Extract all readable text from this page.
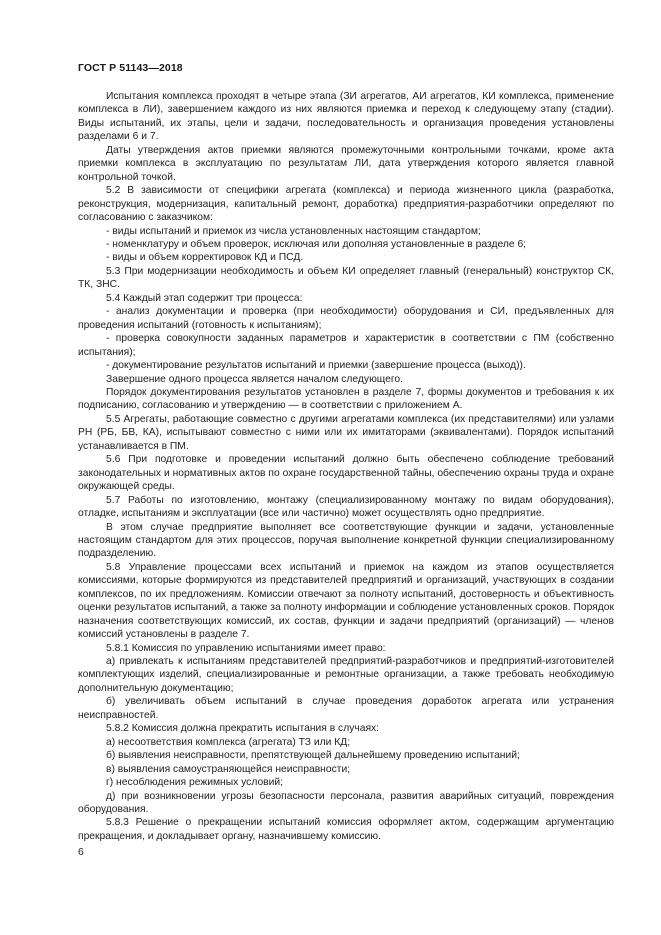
ГОСТ Р 51143—2018

Испытания комплекса проходят в четыре этапа (ЗИ агрегатов, АИ агрегатов, КИ комплекса, применение комплекса в ЛИ), завершением каждого из них являются приемка и переход к следующему этапу (стадии). Виды испытаний, их этапы, цели и задачи, последовательность и организация проведения установлены разделами 6 и 7.

Даты утверждения актов приемки являются промежуточными контрольными точками, кроме акта приемки комплекса в эксплуатацию по результатам ЛИ, дата утверждения которого является главной контрольной точкой.

5.2 В зависимости от специфики агрегата (комплекса) и периода жизненного цикла (разработка, реконструкция, модернизация, капитальный ремонт, доработка) предприятия-разработчики определяют по согласованию с заказчиком:

- виды испытаний и приемок из числа установленных настоящим стандартом;

- номенклатуру и объем проверок, исключая или дополняя установленные в разделе 6;

- виды и объем корректировок КД и ПСД.

5.3 При модернизации необходимость и объем КИ определяет главный (генеральный) конструктор СК, ТК, ЗНС.

5.4 Каждый этап содержит три процесса:

- анализ документации и проверка (при необходимости) оборудования и СИ, предъявленных для проведения испытаний (готовность к испытаниям);

- проверка совокупности заданных параметров и характеристик в соответствии с ПМ (собственно испытания);

- документирование результатов испытаний и приемки (завершение процесса (выход)).

Завершение одного процесса является началом следующего.

Порядок документирования результатов установлен в разделе 7, формы документов и требования к их подписанию, согласованию и утверждению — в соответствии с приложением А.

5.5 Агрегаты, работающие совместно с другими агрегатами комплекса (их представителями) или узлами РН (РБ, БВ, КА), испытывают совместно с ними или их имитаторами (эквивалентами). Порядок испытаний устанавливается в ПМ.

5.6 При подготовке и проведении испытаний должно быть обеспечено соблюдение требований законодательных и нормативных актов по охране государственной тайны, обеспечению охраны труда и охране окружающей среды.

5.7 Работы по изготовлению, монтажу (специализированному монтажу по видам оборудования), отладке, испытаниям и эксплуатации (все или частично) может осуществлять одно предприятие.

В этом случае предприятие выполняет все соответствующие функции и задачи, установленные настоящим стандартом для этих процессов, поручая выполнение конкретной функции специализированному подразделению.

5.8 Управление процессами всех испытаний и приемок на каждом из этапов осуществляется комиссиями, которые формируются из представителей предприятий и организаций, участвующих в создании комплексов, по их предложениям. Комиссии отвечают за полноту испытаний, достоверность и объективность оценки результатов испытаний, а также за полноту информации и соблюдение установленных сроков. Порядок назначения соответствующих комиссий, их состав, функции и задачи предприятий (организаций) — членов комиссий установлены в разделе 7.

5.8.1 Комиссия по управлению испытаниями имеет право:

а) привлекать к испытаниям представителей предприятий-разработчиков и предприятий-изготовителей комплектующих изделий, специализированные и ремонтные организации, а также требовать необходимую дополнительную документацию;

б) увеличивать объем испытаний в случае проведения доработок агрегата или устранения неисправностей.

5.8.2 Комиссия должна прекратить испытания в случаях:

а) несоответствия комплекса (агрегата) ТЗ или КД;

б) выявления неисправности, препятствующей дальнейшему проведению испытаний;

в) выявления самоустраняющейся неисправности;

г) несоблюдения режимных условий;

д) при возникновении угрозы безопасности персонала, развития аварийных ситуаций, повреждения оборудования.

5.8.3 Решение о прекращении испытаний комиссия оформляет актом, содержащим аргументацию прекращения, и докладывает органу, назначившему комиссию.

6
